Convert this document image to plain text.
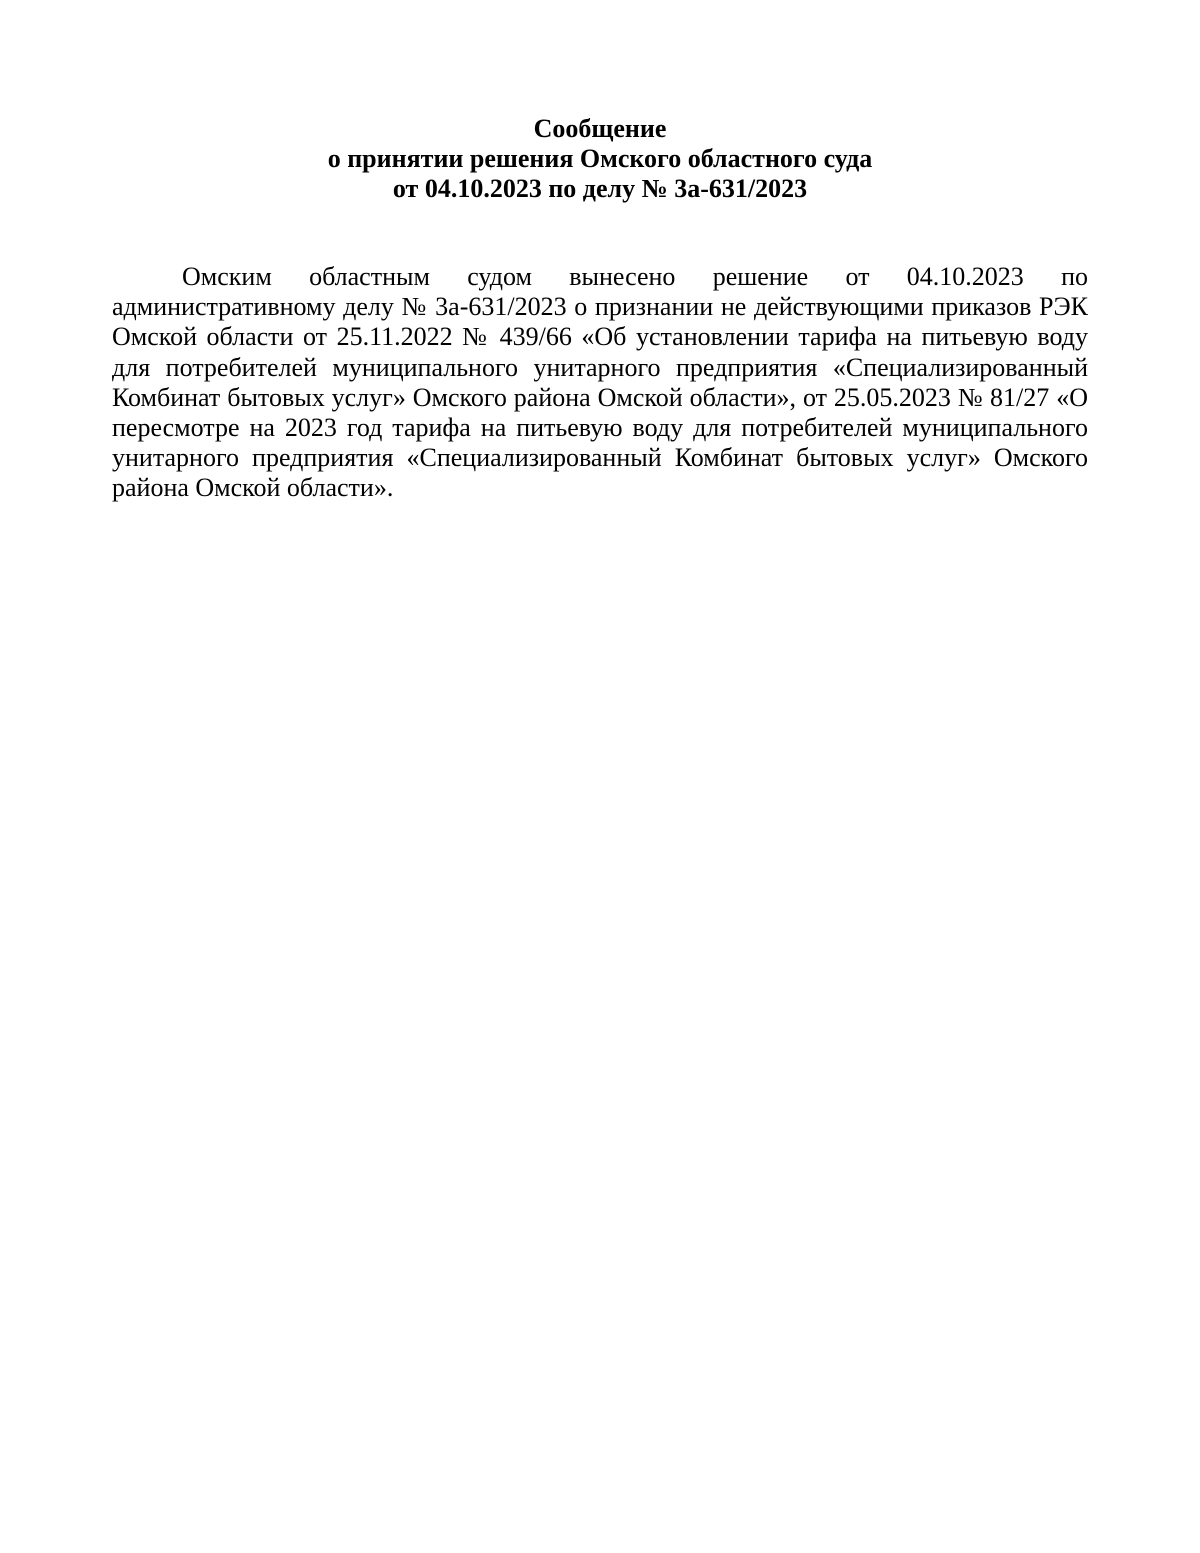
Сообщение
о принятии решения Омского областного суда
от 04.10.2023 по делу № 3а-631/2023

Омским областным судом вынесено решение от 04.10.2023 по административному делу № 3а-631/2023 о признании не действующими приказов РЭК Омской области от 25.11.2022 № 439/66 «Об установлении тарифа на питьевую воду для потребителей муниципального унитарного предприятия «Специализированный Комбинат бытовых услуг» Омского района Омской области», от 25.05.2023 № 81/27 «О пересмотре на 2023 год тарифа на питьевую воду для потребителей муниципального унитарного предприятия «Специализированный Комбинат бытовых услуг» Омского района Омской области».
